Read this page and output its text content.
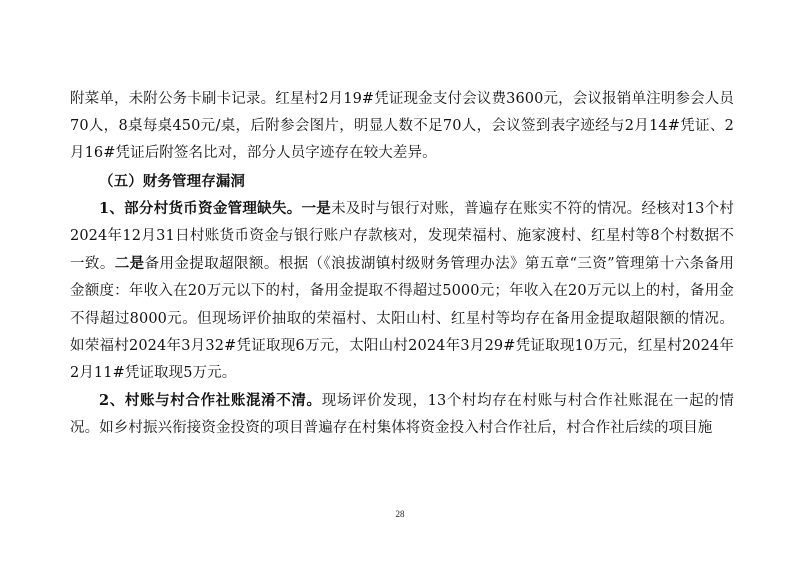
附菜单，未附公务卡刷卡记录。红星村2月19#凭证现金支付会议费3600元，会议报销单注明参会人员70人，8桌每桌450元/桌，后附参会图片，明显人数不足70人，会议签到表字迹经与2月14#凭证、2月16#凭证后附签名比对，部分人员字迹存在较大差异。

（五）财务管理存漏洞

1、部分村货币资金管理缺失。一是未及时与银行对账，普遍存在账实不符的情况。经核对13个村2024年12月31日村账货币资金与银行账户存款核对，发现荣福村、施家渡村、红星村等8个村数据不一致。二是备用金提取超限额。根据（《浪拔湖镇村级财务管理办法》第五章“三资”管理第十六条备用金额度：年收入在20万元以下的村，备用金提取不得超过5000元；年收入在20万元以上的村，备用金不得超过8000元。但现场评价抽取的荣福村、太阳山村、红星村等均存在备用金提取超限额的情况。如荣福村2024年3月32#凭证取现6万元，太阳山村2024年3月29#凭证取现10万元，红星村2024年2月11#凭证取现5万元。

2、村账与村合作社账混淆不清。现场评价发现，13个村均存在村账与村合作社账混在一起的情况。如乡村振兴衔接资金投资的项目普遍存在村集体将资金投入村合作社后，村合作社后续的项目施

28
